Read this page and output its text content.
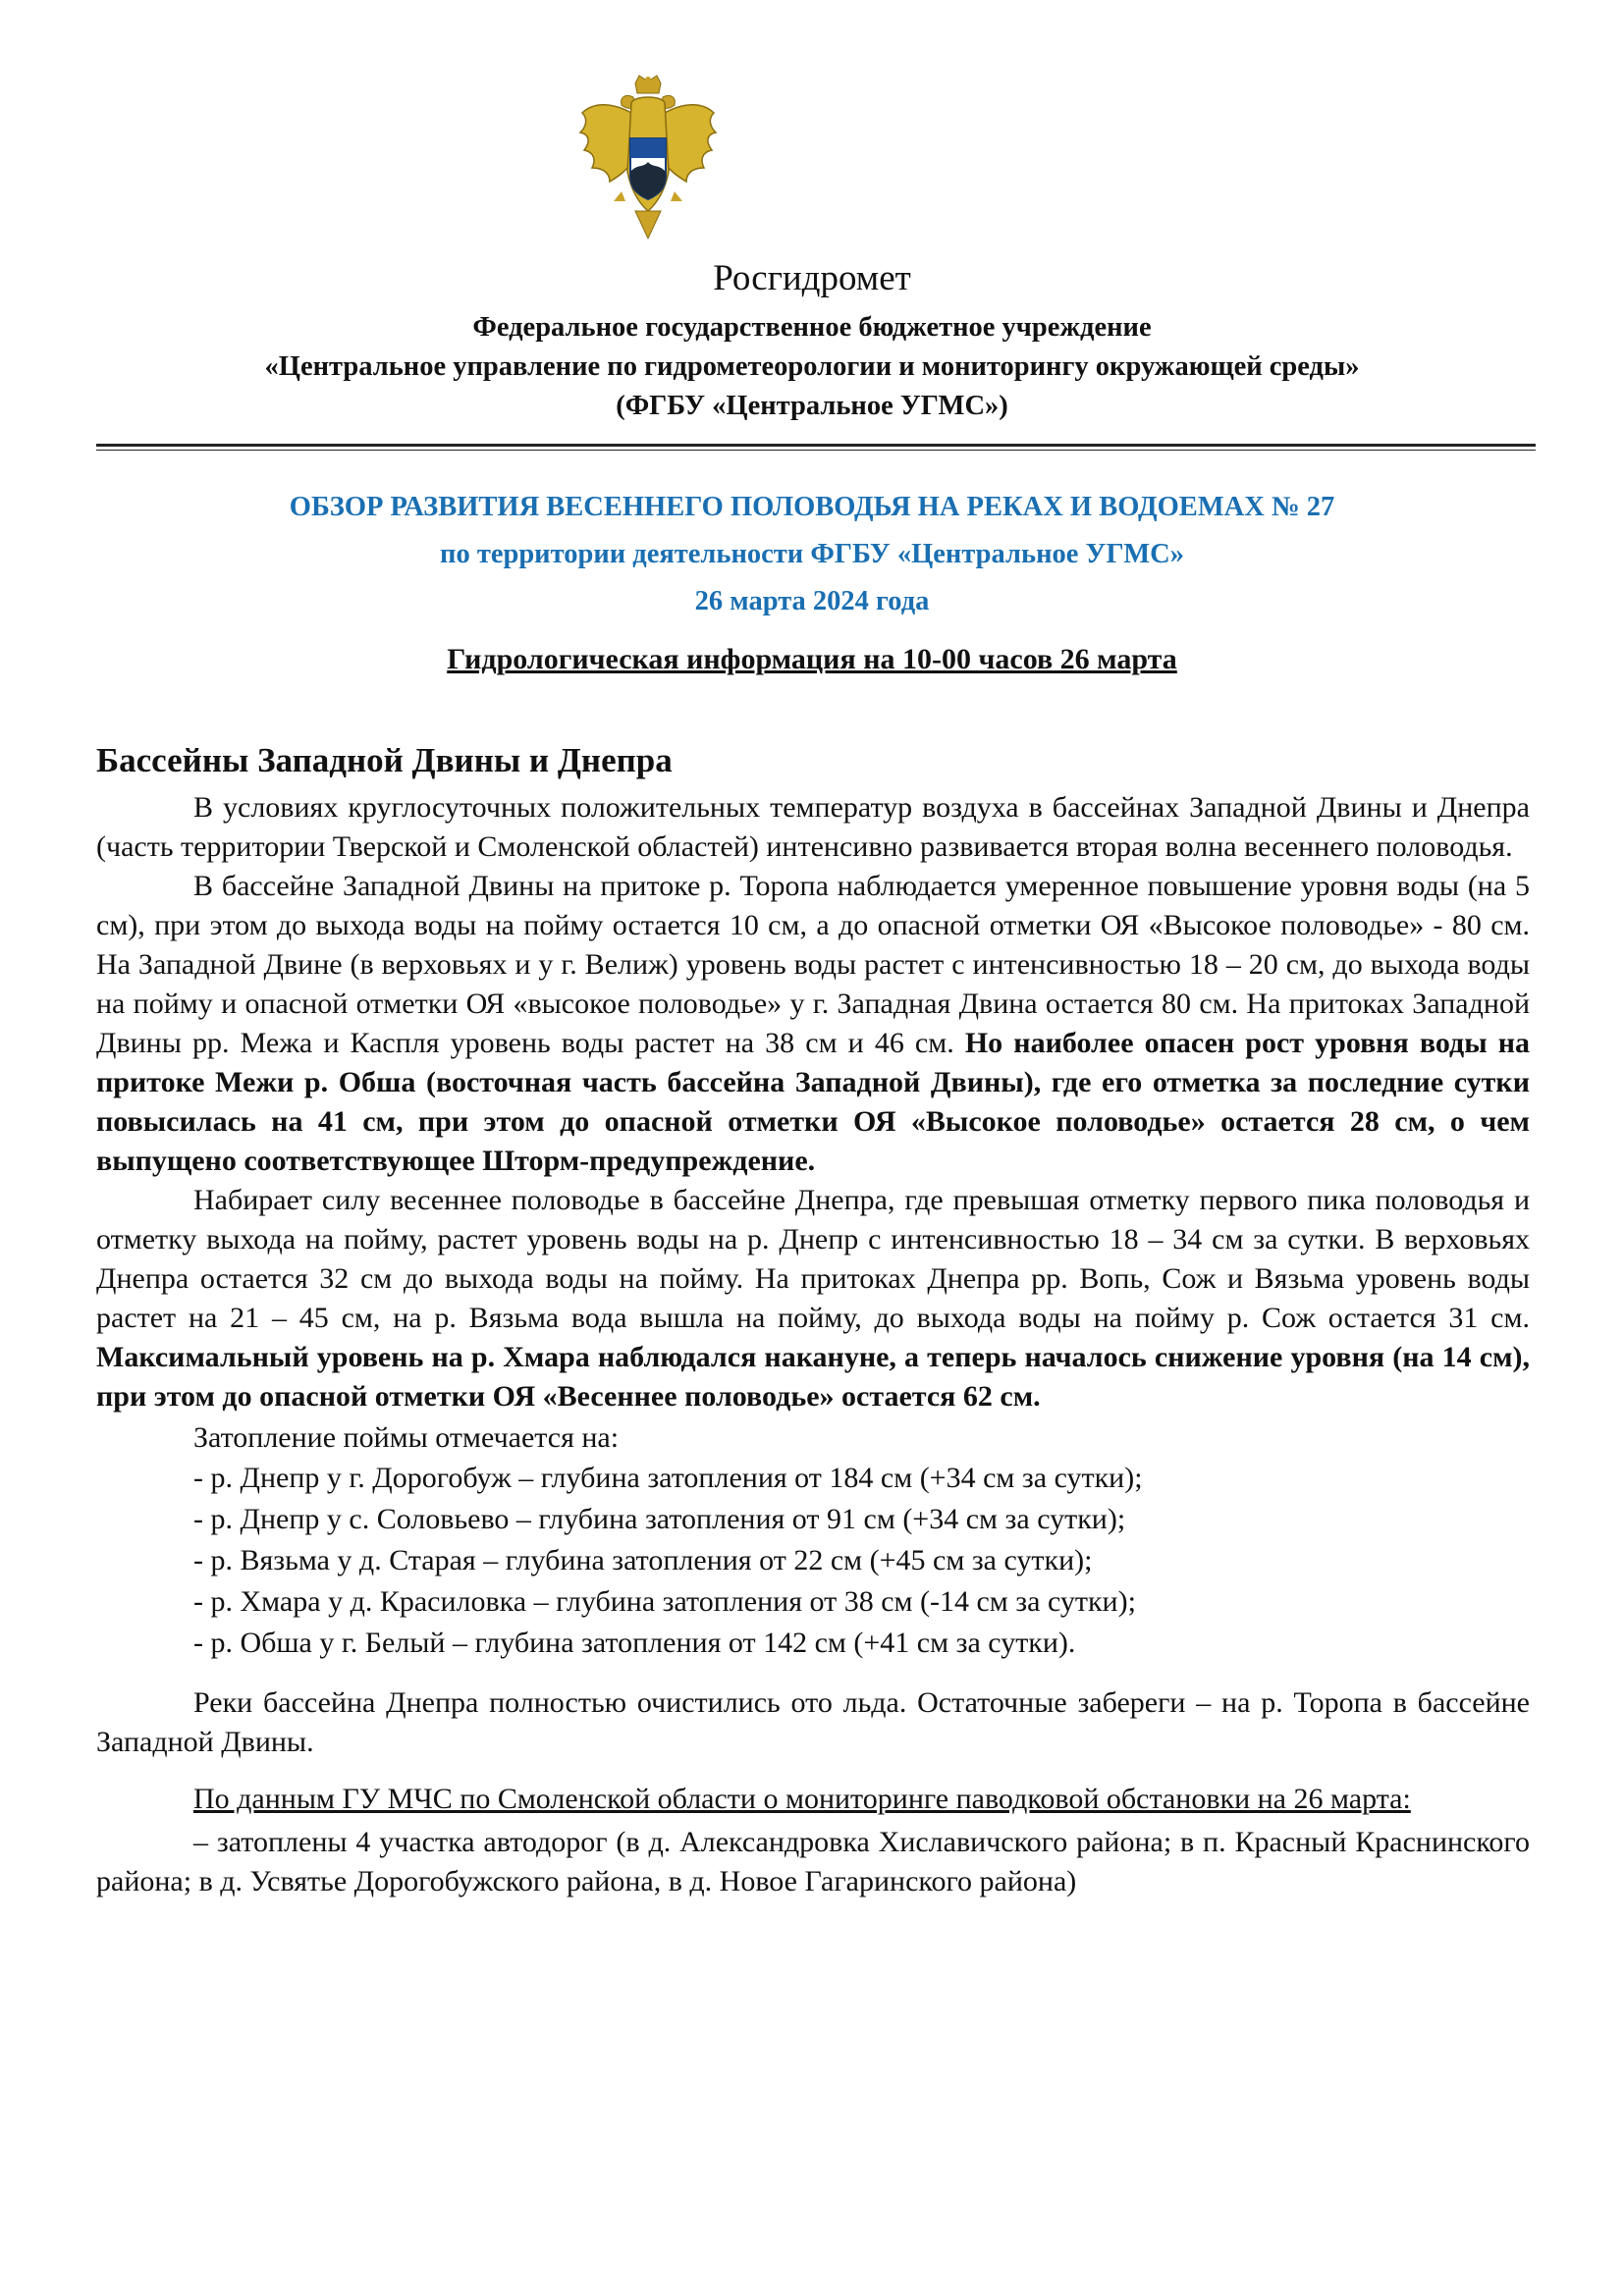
Росгидромет
Федеральное государственное бюджетное учреждение
«Центральное управление по гидрометеорологии и мониторингу окружающей среды»
(ФГБУ «Центральное УГМС»)
ОБЗОР РАЗВИТИЯ ВЕСЕННЕГО ПОЛОВОДЬЯ НА РЕКАХ И ВОДОЕМАХ № 27
по территории деятельности ФГБУ «Центральное УГМС»
26 марта 2024 года
Гидрологическая информация на 10-00 часов 26 марта
Бассейны Западной Двины и Днепра

В условиях круглосуточных положительных температур воздуха в бассейнах Западной Двины и Днепра (часть территории Тверской и Смоленской областей) интенсивно развивается вторая волна весеннего половодья.

В бассейне Западной Двины на притоке р. Торопа наблюдается умеренное повышение уровня воды (на 5 см), при этом до выхода воды на пойму остается 10 см, а до опасной отметки ОЯ «Высокое половодье» - 80 см. На Западной Двине (в верховьях и у г. Велиж) уровень воды растет с интенсивностью 18 – 20 см, до выхода воды на пойму и опасной отметки ОЯ «высокое половодье» у г. Западная Двина остается 80 см. На притоках Западной Двины рр. Межа и Каспля уровень воды растет на 38 см и 46 см. Но наиболее опасен рост уровня воды на притоке Межи р. Обша (восточная часть бассейна Западной Двины), где его отметка за последние сутки повысилась на 41 см, при этом до опасной отметки ОЯ «Высокое половодье» остается 28 см, о чем выпущено соответствующее Шторм-предупреждение.

Набирает силу весеннее половодье в бассейне Днепра, где превышая отметку первого пика половодья и отметку выхода на пойму, растет уровень воды на р. Днепр с интенсивностью 18 – 34 см за сутки. В верховьях Днепра остается 32 см до выхода воды на пойму. На притоках Днепра рр. Вопь, Сож и Вязьма уровень воды растет на 21 – 45 см, на р. Вязьма вода вышла на пойму, до выхода воды на пойму р. Сож остается 31 см. Максимальный уровень на р. Хмара наблюдался накануне, а теперь началось снижение уровня (на 14 см), при этом до опасной отметки ОЯ «Весеннее половодье» остается 62 см.

Затопление поймы отмечается на:

- р. Днепр у г. Дорогобуж – глубина затопления от 184 см (+34 см за сутки);
- р. Днепр у с. Соловьево – глубина затопления от 91 см (+34 см за сутки);
- р. Вязьма у д. Старая – глубина затопления от 22 см (+45 см за сутки);
- р. Хмара у д. Красиловка – глубина затопления от 38 см (-14 см за сутки);
- р. Обша у г. Белый – глубина затопления от 142 см (+41 см за сутки).

Реки бассейна Днепра полностью очистились ото льда. Остаточные забереги – на р. Торопа в бассейне Западной Двины.

По данным ГУ МЧС по Смоленской области о мониторинге паводковой обстановки на 26 марта:

– затоплены 4 участка автодорог (в д. Александровка Хиславичского района; в п. Красный Краснинского района; в д. Усвятье Дорогобужского района, в д. Новое Гагаринского района)
